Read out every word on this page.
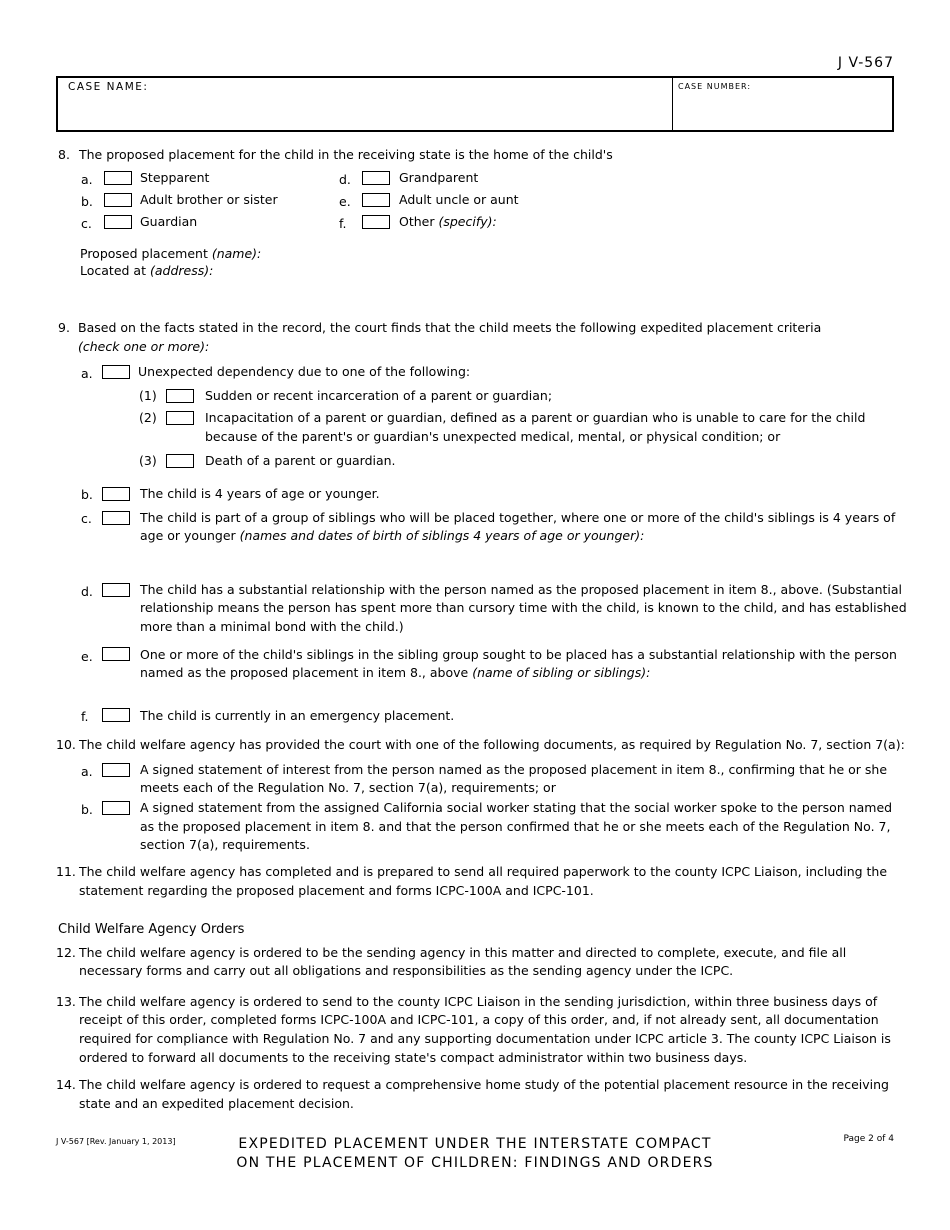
J V-567
CASE NAME:	CASE NUMBER:
8. The proposed placement for the child in the receiving state is the home of the child's
a.	Stepparent
b.	Adult brother or sister
c.	Guardian
d.	Grandparent
e.	Adult uncle or aunt
f.	Other (specify):
Proposed placement (name):
Located at (address):
9. Based on the facts stated in the record, the court finds that the child meets the following expedited placement criteria
(check one or more):
a.	Unexpected dependency due to one of the following:
(1)	Sudden or recent incarceration of a parent or guardian;
(2)	Incapacitation of a parent or guardian, defined as a parent or guardian who is unable to care for the child
because of the parent's or guardian's unexpected medical, mental, or physical condition; or
(3)	Death of a parent or guardian.
b.	The child is 4 years of age or younger.
c.	The child is part of a group of siblings who will be placed together, where one or more of the child's siblings is 4 years of
age or younger (names and dates of birth of siblings 4 years of age or younger):
d.	The child has a substantial relationship with the person named as the proposed placement in item 8., above. (Substantial
relationship means the person has spent more than cursory time with the child, is known to the child, and has established
more than a minimal bond with the child.)
e.	One or more of the child's siblings in the sibling group sought to be placed has a substantial relationship with the person
named as the proposed placement in item 8., above (name of sibling or siblings):
f.	The child is currently in an emergency placement.
10. The child welfare agency has provided the court with one of the following documents, as required by Regulation No. 7, section 7(a):
a.	A signed statement of interest from the person named as the proposed placement in item 8., confirming that he or she
meets each of the Regulation No. 7, section 7(a), requirements; or
b.	A signed statement from the assigned California social worker stating that the social worker spoke to the person named
as the proposed placement in item 8. and that the person confirmed that he or she meets each of the Regulation No. 7,
section 7(a), requirements.
11. The child welfare agency has completed and is prepared to send all required paperwork to the county ICPC Liaison, including the
statement regarding the proposed placement and forms ICPC-100A and ICPC-101.
Child Welfare Agency Orders
12. The child welfare agency is ordered to be the sending agency in this matter and directed to complete, execute, and file all
necessary forms and carry out all obligations and responsibilities as the sending agency under the ICPC.
13. The child welfare agency is ordered to send to the county ICPC Liaison in the sending jurisdiction, within three business days of
receipt of this order, completed forms ICPC-100A and ICPC-101, a copy of this order, and, if not already sent, all documentation
required for compliance with Regulation No. 7 and any supporting documentation under ICPC article 3. The county ICPC Liaison is
ordered to forward all documents to the receiving state's compact administrator within two business days.
14. The child welfare agency is ordered to request a comprehensive home study of the potential placement resource in the receiving
state and an expedited placement decision.
J V-567 [Rev. January 1, 2013]	Page 2 of 4
EXPEDITED PLACEMENT UNDER THE INTERSTATE COMPACT
ON THE PLACEMENT OF CHILDREN: FINDINGS AND ORDERS
